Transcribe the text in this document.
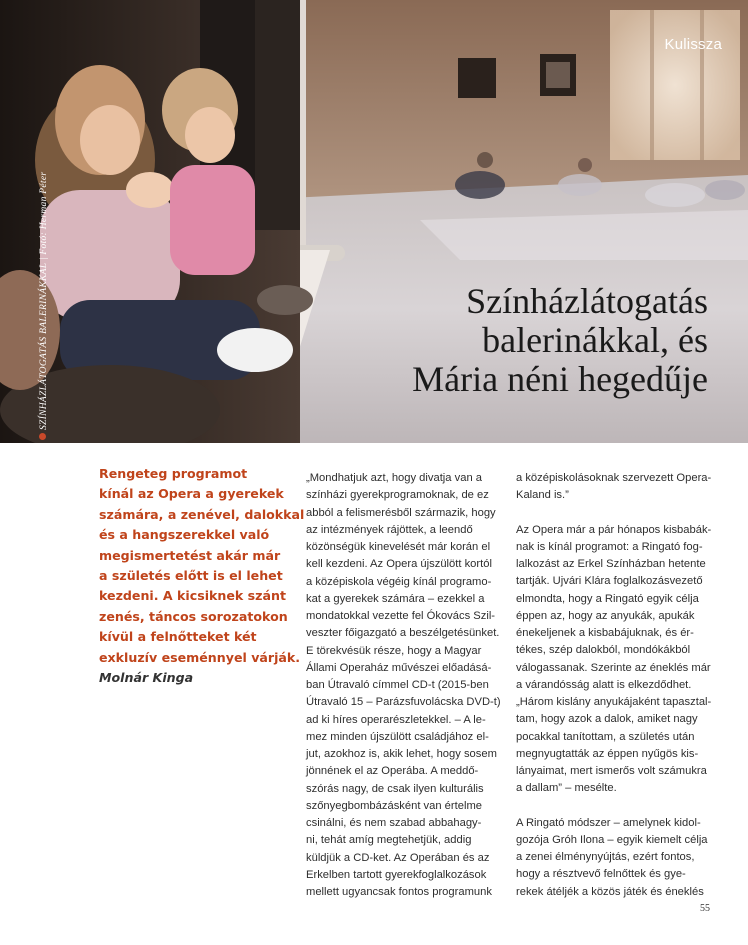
Kulissza
SZÍNHÁZLÁTOGATÁS BALERINÁKKAL | Fotó: Herman Péter
Színházlátogatás
balerinákkal, és
Mária néni hegedűje
Rengeteg programot
kínál az Opera a gyerekek
számára, a zenével, dalokkal
és a hangszerekkel való
megismertetést akár már
a születés előtt is el lehet
kezdeni. A kicsiknek szánt
zenés, táncos sorozatokon
kívül a felnőtteket két
exkluzív eseménnyel várják.
Molnár Kinga
„Mondhatjuk azt, hogy divatja van a
színházi gyerekprogramoknak, de ez
abból a felismerésből származik, hogy
az intézmények rájöttek, a leendő
közönségük kinevelését már korán el
kell kezdeni. Az Opera újszülött kortól
a középiskola végéig kínál programo-
kat a gyerekek számára – ezekkel a
mondatokkal vezette fel Ókovács Szil-
veszter főigazgató a beszélgetésünket.
E törekvésük része, hogy a Magyar
Állami Operaház művészei előadásá-
ban Útravaló címmel CD-t (2015-ben
Útravaló 15 – Parázsfuvolácska DVD-t)
ad ki híres operarészletekkel. – A le-
mez minden újszülött családjához el-
jut, azokhoz is, akik lehet, hogy sosem
jönnének el az Operába. A meddő-
szórás nagy, de csak ilyen kulturális
szőnyegbombázásként van értelme
csinálni, és nem szabad abbahagy-
ni, tehát amíg megtehetjük, addig
küldjük a CD-ket. Az Operában és az
Erkelben tartott gyerekfoglalkozások
mellett ugyancsak fontos programunk
a középiskolásoknak szervezett Opera-
Kaland is.”
Az Opera már a pár hónapos kisbabák-
nak is kínál programot: a Ringató fog-
lalkozást az Erkel Színházban hetente
tartják. Ujvári Klára foglalkozásvezető
elmondta, hogy a Ringató egyik célja
éppen az, hogy az anyukák, apukák
énekeljenek a kisbabájuknak, és ér-
tékes, szép dalokból, mondókákból
válogassanak. Szerinte az éneklés már
a várandósság alatt is elkezdődhet.
„Három kislány anyukájaként tapasztal-
tam, hogy azok a dalok, amiket nagy
pocakkal tanítottam, a születés után
megnyugtatták az éppen nyűgös kis-
lányaimat, mert ismerős volt számukra
a dallam” – mesélte.
A Ringató módszer – amelynek kidol-
gozója Gróh Ilona – egyik kiemelt célja
a zenei élménynyújtás, ezért fontos,
hogy a résztvevő felnőttek és gye-
rekek átéljék a közös játék és éneklés
55
